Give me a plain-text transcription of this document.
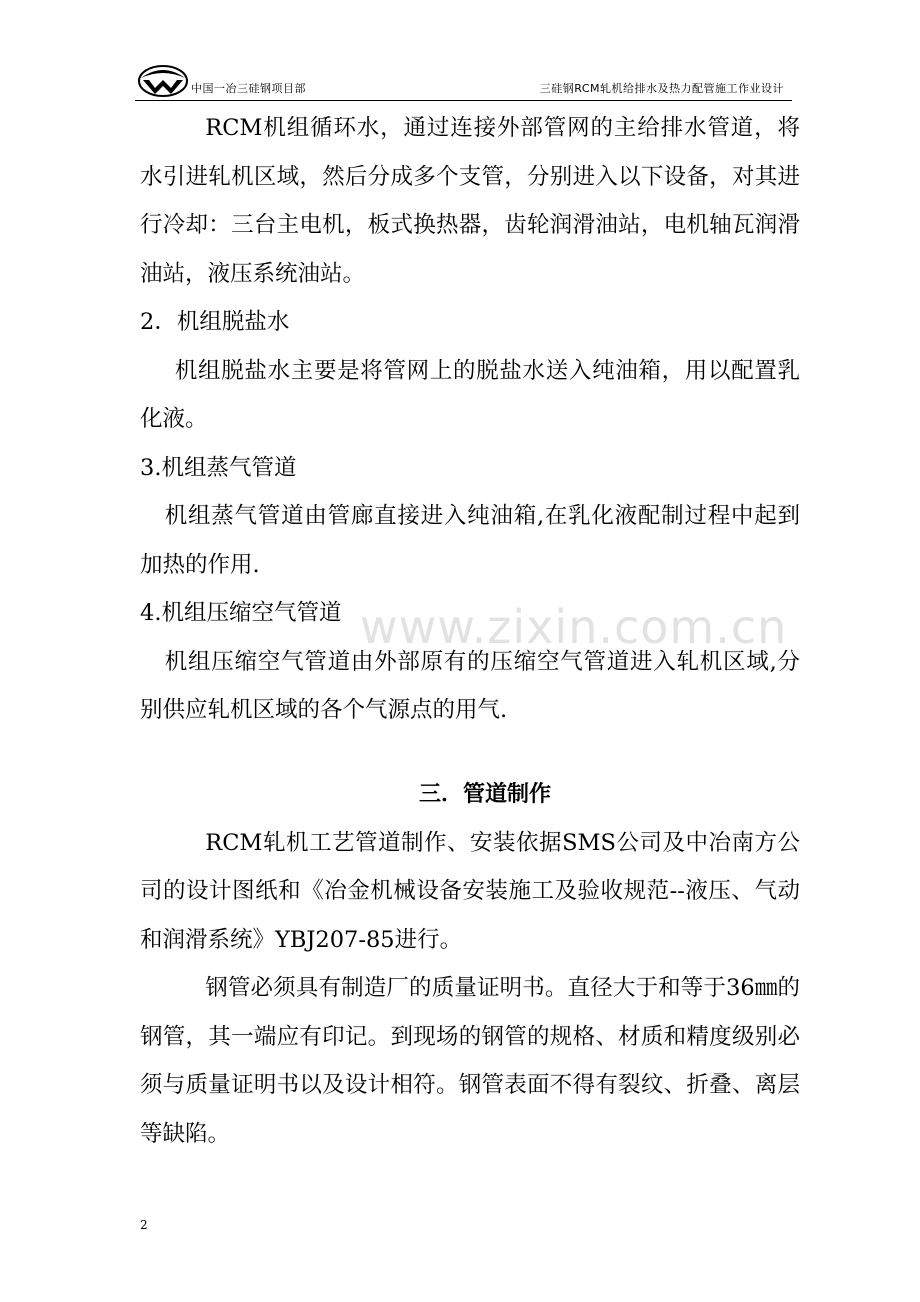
中国一冶三硅钢项目部	三硅钢RCM轧机给排水及热力配管施工作业设计
www.zixin.com.cn

RCM机组循环水，通过连接外部管网的主给排水管道，将水引进轧机区域，然后分成多个支管，分别进入以下设备，对其进行冷却：三台主电机，板式换热器，齿轮润滑油站，电机轴瓦润滑油站，液压系统油站。

2．机组脱盐水

机组脱盐水主要是将管网上的脱盐水送入纯油箱，用以配置乳化液。

3.机组蒸气管道

机组蒸气管道由管廊直接进入纯油箱,在乳化液配制过程中起到加热的作用.

4.机组压缩空气管道

机组压缩空气管道由外部原有的压缩空气管道进入轧机区域,分别供应轧机区域的各个气源点的用气.

三．管道制作

RCM轧机工艺管道制作、安装依据SMS公司及中冶南方公司的设计图纸和《冶金机械设备安装施工及验收规范--液压、气动和润滑系统》YBJ207-85进行。

钢管必须具有制造厂的质量证明书。直径大于和等于36㎜的钢管，其一端应有印记。到现场的钢管的规格、材质和精度级别必须与质量证明书以及设计相符。钢管表面不得有裂纹、折叠、离层等缺陷。

2
